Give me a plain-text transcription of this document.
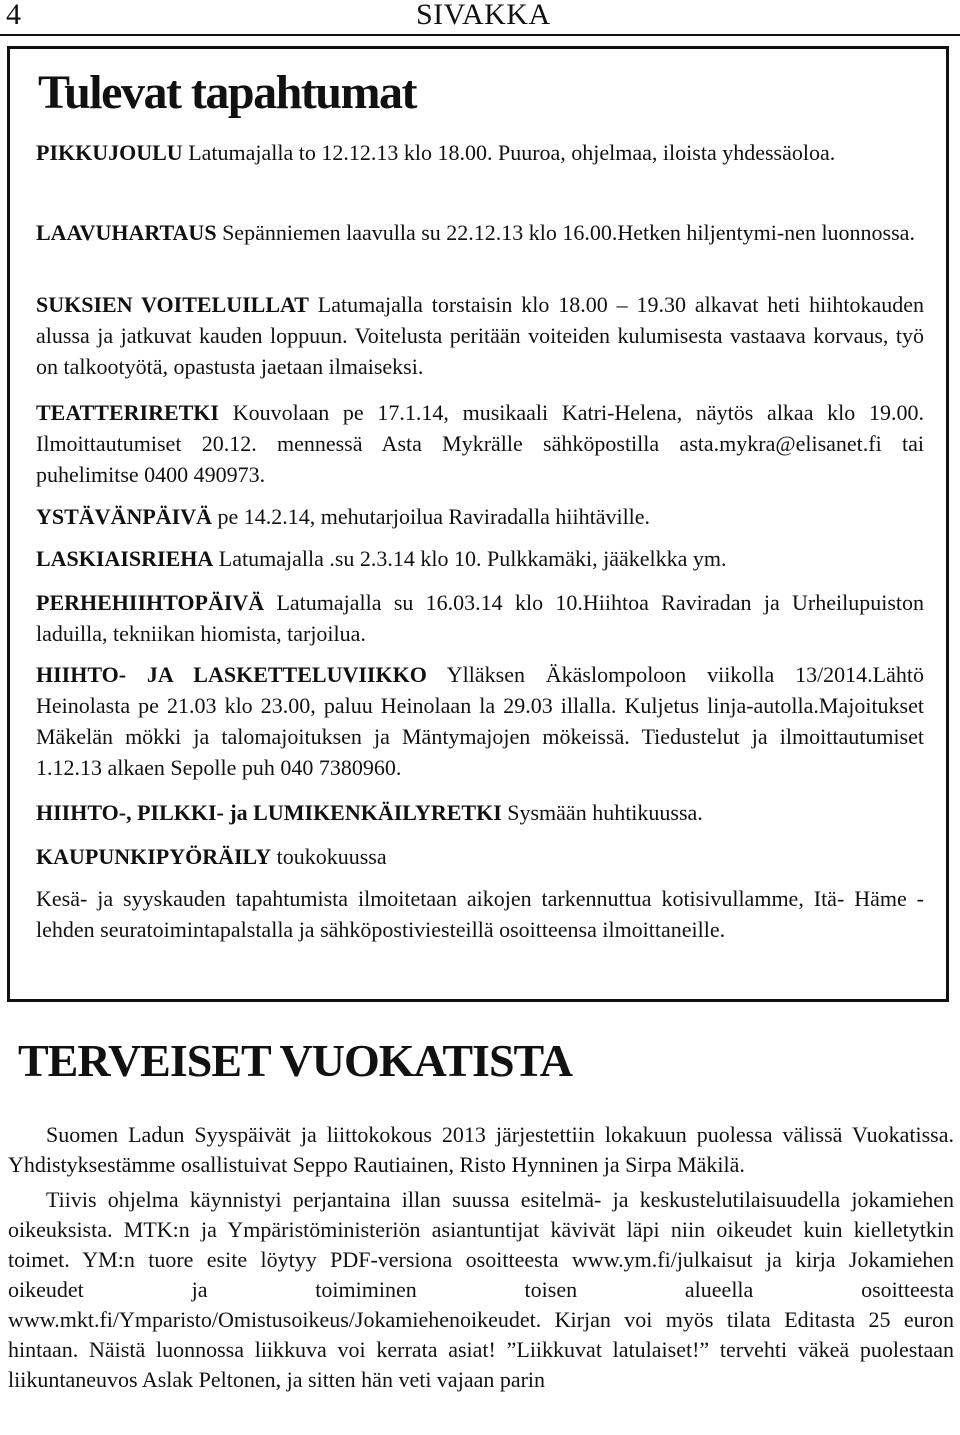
4	SIVAKKA
Tulevat tapahtumat

PIKKUJOULU Latumajalla to 12.12.13 klo 18.00. Puuroa, ohjelmaa, iloista yhdessäoloa.

LAAVUHARTAUS Sepänniemen laavulla su 22.12.13 klo 16.00.Hetken hiljentymi-nen luonnossa.

SUKSIEN VOITELUILLAT Latumajalla torstaisin klo 18.00 – 19.30 alkavat heti hiihtokauden alussa ja jatkuvat kauden loppuun. Voitelusta peritään voiteiden kulumisesta vastaava korvaus, työ on talkootyötä, opastusta jaetaan ilmaiseksi.

TEATTERIRETKI Kouvolaan pe 17.1.14, musikaali Katri-Helena, näytös alkaa klo 19.00. Ilmoittautumiset 20.12. mennessä Asta Mykrälle sähköpostilla asta.mykra@elisanet.fi tai puhelimitse 0400 490973.

YSTÄVÄNPÄIVÄ pe 14.2.14, mehutarjoilua Raviradalla hiihtäville.

LASKIAISRIEHA Latumajalla .su 2.3.14 klo 10. Pulkkamäki, jääkelkka ym.

PERHEHIIHTOPÄIVÄ Latumajalla su 16.03.14 klo 10.Hiihtoa Raviradan ja Urheilupuiston laduilla, tekniikan hiomista, tarjoilua.

HIIHTO- JA LASKETTELUVIIKKO Ylläksen Äkäslompoloon viikolla 13/2014.Lähtö Heinolasta pe 21.03 klo 23.00, paluu Heinolaan la 29.03 illalla. Kuljetus linja-autolla.Majoitukset Mäkelän mökki ja talomajoituksen ja Mäntymajojen mökeissä. Tiedustelut ja ilmoittautumiset 1.12.13 alkaen Sepolle puh 040 7380960.

HIIHTO-, PILKKI- ja LUMIKENKÄILYRETKI Sysmään huhtikuussa.

KAUPUNKIPYÖRÄILY toukokuussa

Kesä- ja syyskauden tapahtumista ilmoitetaan aikojen tarkennuttua kotisivullamme, Itä- Häme -lehden seuratoimintapalstalla ja sähköpostiviesteillä osoitteensa ilmoittaneille.

TERVEISET VUOKATISTA

Suomen Ladun Syyspäivät ja liittokokous 2013 järjestettiin lokakuun puolessa välissä Vuokatissa. Yhdistyksestämme osallistuivat Seppo Rautiainen, Risto Hynninen ja Sirpa Mäkilä.

Tiivis ohjelma käynnistyi perjantaina illan suussa esitelmä- ja keskustelutilaisuudella jokamiehen oikeuksista. MTK:n ja Ympäristöministeriön asiantuntijat kävivät läpi niin oikeudet kuin kielletytkin toimet. YM:n tuore esite löytyy PDF-versiona osoitteesta www.ym.fi/julkaisut ja kirja Jokamiehen oikeudet ja toimiminen toisen alueella osoitteesta www.mkt.fi/Ymparisto/Omistusoikeus/Jokamiehenoikeudet. Kirjan voi myös tilata Editasta 25 euron hintaan. Näistä luonnossa liikkuva voi kerrata asiat! ”Liikkuvat latulaiset!” tervehti väkeä puolestaan liikuntaneuvos Aslak Peltonen, ja sitten hän veti vajaan parin
